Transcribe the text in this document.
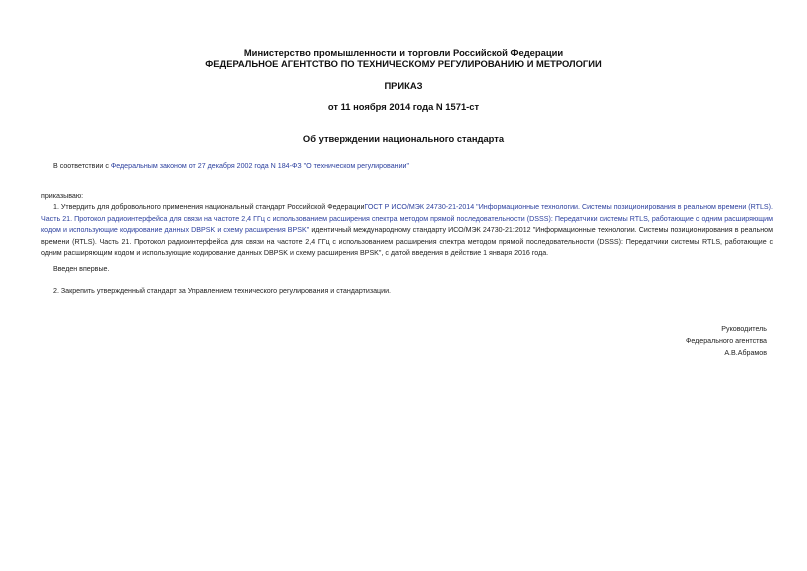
Министерство промышленности и торговли Российской Федерации
ФЕДЕРАЛЬНОЕ АГЕНТСТВО ПО ТЕХНИЧЕСКОМУ РЕГУЛИРОВАНИЮ И МЕТРОЛОГИИ
ПРИКАЗ
от 11 ноября 2014 года N 1571-ст
Об утверждении национального стандарта
В соответствии с Федеральным законом от 27 декабря 2002 года N 184-ФЗ "О техническом регулировании"
приказываю:
1. Утвердить для добровольного применения национальный стандарт Российской ФедерацииГОСТ Р ИСО/МЭК 24730-21-2014 "Информационные технологии. Системы позиционирования в реальном времени (RTLS). Часть 21. Протокол радиоинтерфейса для связи на частоте 2,4 ГГц с использованием расширения спектра методом прямой последовательности (DSSS): Передатчики системы RTLS, работающие с одним расширяющим кодом и использующие кодирование данных DBPSK и схему расширения BPSK" идентичный международному стандарту ИСО/МЭК 24730-21:2012 "Информационные технологии. Системы позиционирования в реальном времени (RTLS). Часть 21. Протокол радиоинтерфейса для связи на частоте 2,4 ГГц с использованием расширения спектра методом прямой последовательности (DSSS): Передатчики системы RTLS, работающие с одним расширяющим кодом и использующие кодирование данных DBPSK и схему расширения BPSK", с датой введения в действие 1 января 2016 года.
Введен впервые.
2. Закрепить утвержденный стандарт за Управлением технического регулирования и стандартизации.
Руководитель
Федерального агентства
А.В.Абрамов
